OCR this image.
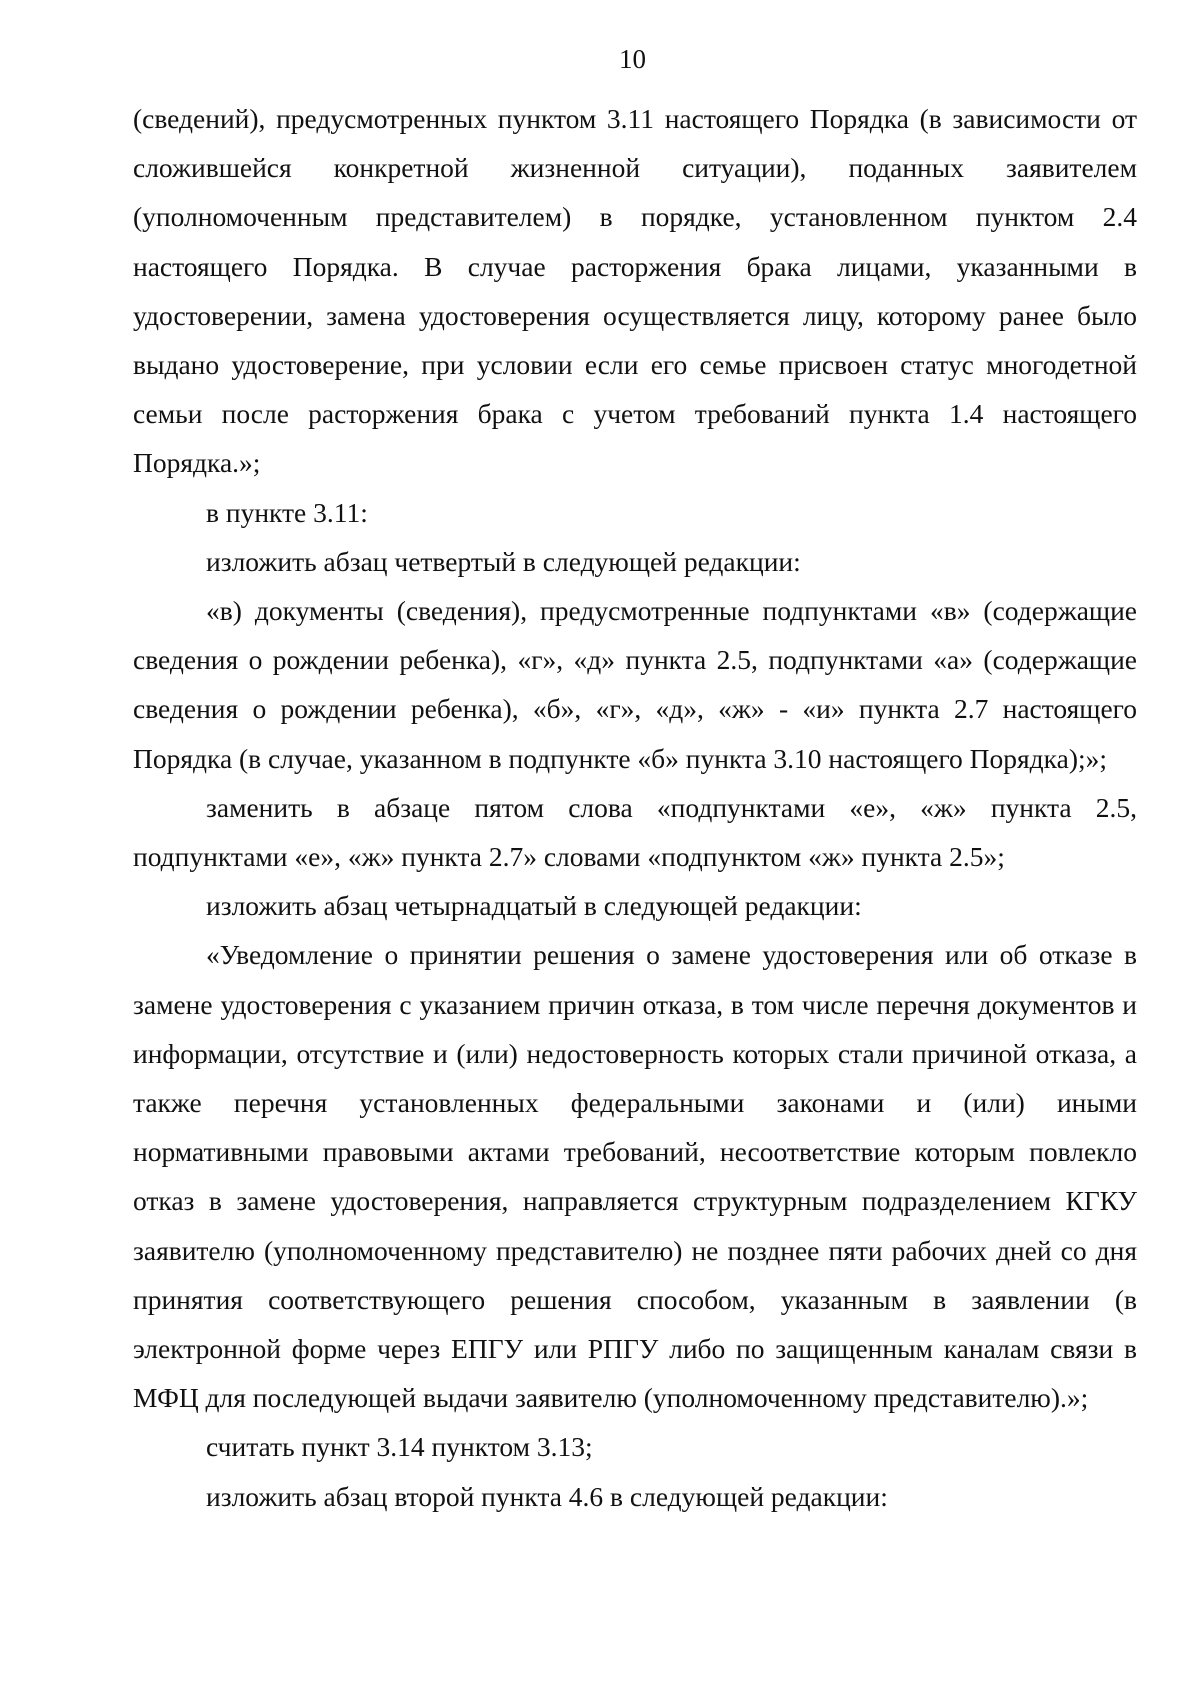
10

(сведений), предусмотренных пунктом 3.11 настоящего Порядка (в зависимости от сложившейся конкретной жизненной ситуации), поданных заявителем (уполномоченным представителем) в порядке, установленном пунктом 2.4 настоящего Порядка. В случае расторжения брака лицами, указанными в удостоверении, замена удостоверения осуществляется лицу, которому ранее было выдано удостоверение, при условии если его семье присвоен статус многодетной семьи после расторжения брака с учетом требований пункта 1.4 настоящего Порядка.»;

в пункте 3.11:

изложить абзац четвертый в следующей редакции:

«в) документы (сведения), предусмотренные подпунктами «в» (содержащие сведения о рождении ребенка), «г», «д» пункта 2.5, подпунктами «а» (содержащие сведения о рождении ребенка), «б», «г», «д», «ж» - «и» пункта 2.7 настоящего Порядка (в случае, указанном в подпункте «б» пункта 3.10 настоящего Порядка);»;

заменить в абзаце пятом слова «подпунктами «е», «ж» пункта 2.5, подпунктами «е», «ж» пункта 2.7» словами «подпунктом «ж» пункта 2.5»;

изложить абзац четырнадцатый в следующей редакции:

«Уведомление о принятии решения о замене удостоверения или об отказе в замене удостоверения с указанием причин отказа, в том числе перечня документов и информации, отсутствие и (или) недостоверность которых стали причиной отказа, а также перечня установленных федеральными законами и (или) иными нормативными правовыми актами требований, несоответствие которым повлекло отказ в замене удостоверения, направляется структурным подразделением КГКУ заявителю (уполномоченному представителю) не позднее пяти рабочих дней со дня принятия соответствующего решения способом, указанным в заявлении (в электронной форме через ЕПГУ или РПГУ либо по защищенным каналам связи в МФЦ для последующей выдачи заявителю (уполномоченному представителю).»;

считать пункт 3.14 пунктом 3.13;

изложить абзац второй пункта 4.6 в следующей редакции:
